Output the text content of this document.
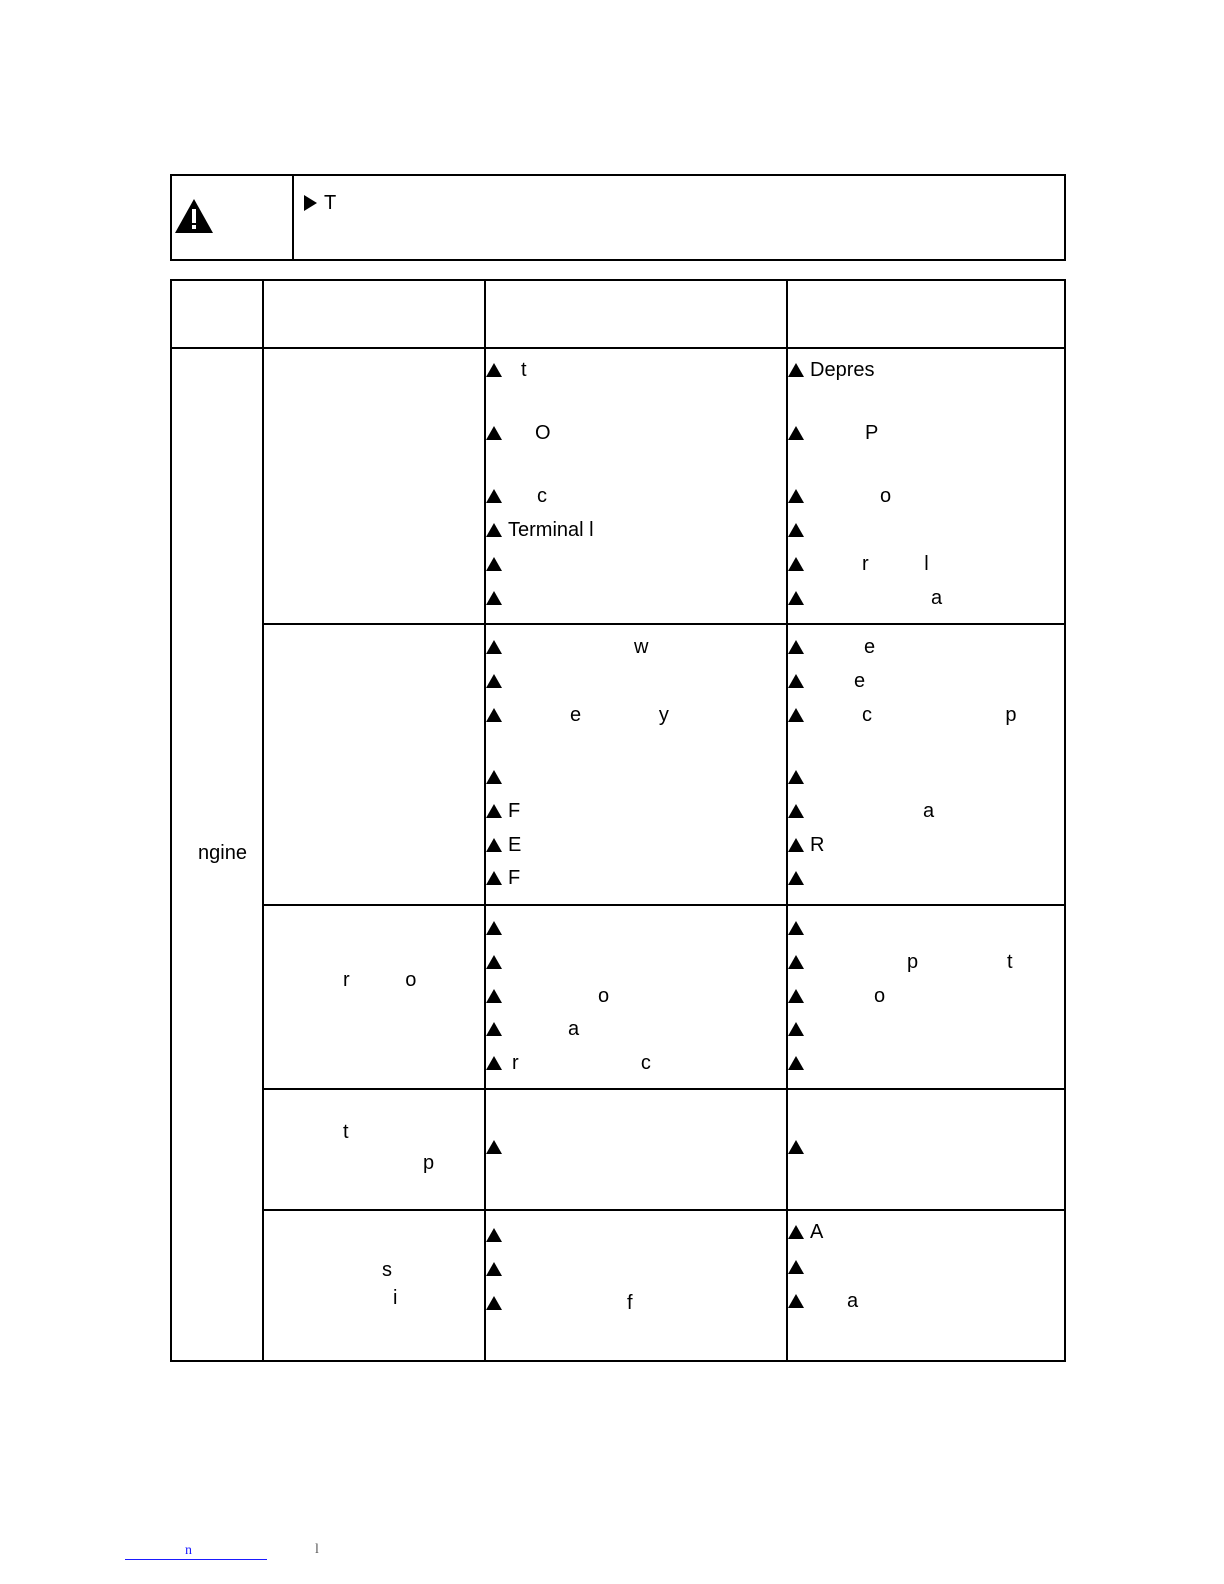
T
ngine
t
O
c
Terminal l
Depres
P
o
r          l
a
w
e              y
F
E
F
e
e
c                        p
a
R
r          o
o
a
r                      c
p                t
o
t
p
s
i	f
A
a
n	l
